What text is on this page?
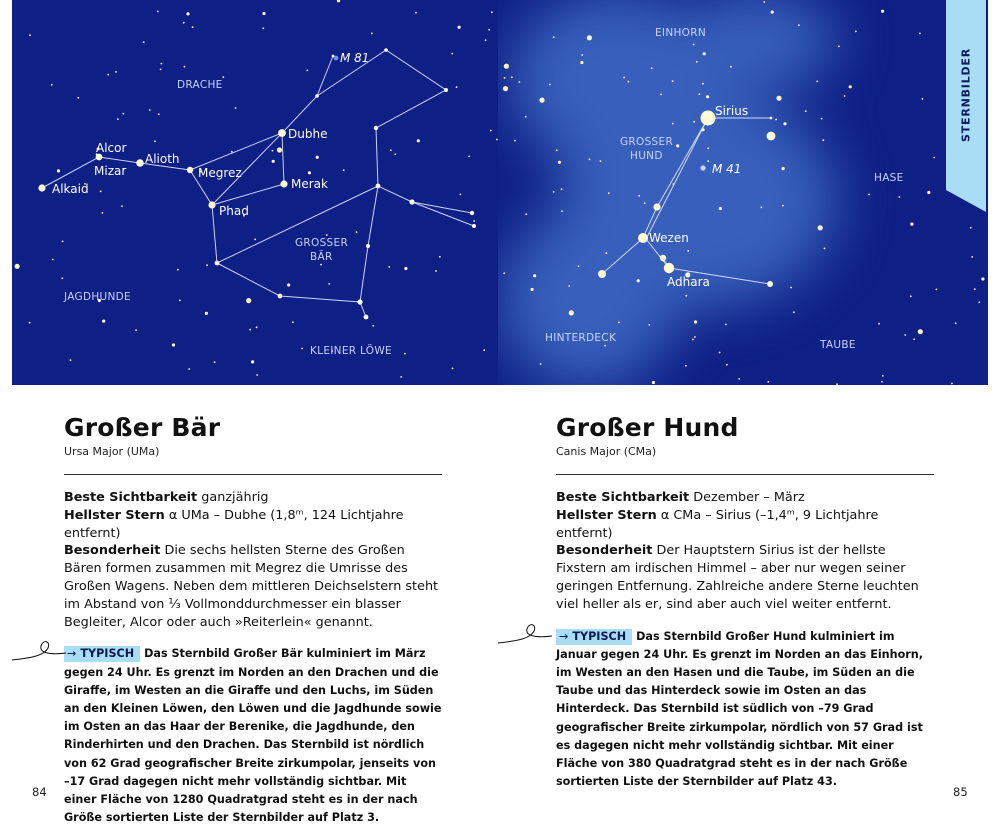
DRACHE
JAGDHUNDE
KLEINER LÖWE
GROSSER
BÄR
M 81
Alkaid
Mizar
Alcor
Alioth
Megrez
Phad
Merak
Dubhe
EINHORN
GROSSER
HUND
HASE
HINTERDECK
TAUBE
M 41
Sirius
Wezen
Adhara
STERNBILDER
Großer Bär
Ursa Major (UMa)
Beste Sichtbarkeit ganzjährig
Hellster Stern α UMa – Dubhe (1,8ᵐ, 124 Lichtjahre entfernt)
Besonderheit Die sechs hellsten Sterne des Großen Bären formen zusammen mit Megrez die Umrisse des Großen Wagens. Neben dem mittleren Deichselstern steht im Abstand von ¹⁄₃ Vollmonddurchmesser ein blasser Begleiter, Alcor oder auch »Reiterlein« genannt.
→ TYPISCH Das Sternbild Großer Bär kulminiert im März gegen 24 Uhr. Es grenzt im Norden an den Drachen und die Giraffe, im Westen an die Giraffe und den Luchs, im Süden an den Kleinen Löwen, den Löwen und die Jagdhunde sowie im Osten an das Haar der Berenike, die Jagdhunde, den Rinderhirten und den Drachen. Das Sternbild ist nördlich von 62 Grad geografischer Breite zirkumpolar, jenseits von –17 Grad dagegen nicht mehr vollständig sichtbar. Mit einer Fläche von 1280 Quadratgrad steht es in der nach Größe sortierten Liste der Sternbilder auf Platz 3.
Großer Hund
Canis Major (CMa)
Beste Sichtbarkeit Dezember – März
Hellster Stern α CMa – Sirius (–1,4ᵐ, 9 Lichtjahre entfernt)
Besonderheit Der Hauptstern Sirius ist der hellste Fixstern am irdischen Himmel – aber nur wegen seiner geringen Entfernung. Zahlreiche andere Sterne leuchten viel heller als er, sind aber auch viel weiter entfernt.
→ TYPISCH Das Sternbild Großer Hund kulminiert im Januar gegen 24 Uhr. Es grenzt im Norden an das Einhorn, im Westen an den Hasen und die Taube, im Süden an die Taube und das Hinterdeck sowie im Osten an das Hinterdeck. Das Sternbild ist südlich von –79 Grad geografischer Breite zirkumpolar, nördlich von 57 Grad ist es dagegen nicht mehr vollständig sichtbar. Mit einer Fläche von 380 Quadratgrad steht es in der nach Größe sortierten Liste der Sternbilder auf Platz 43.
84	85
